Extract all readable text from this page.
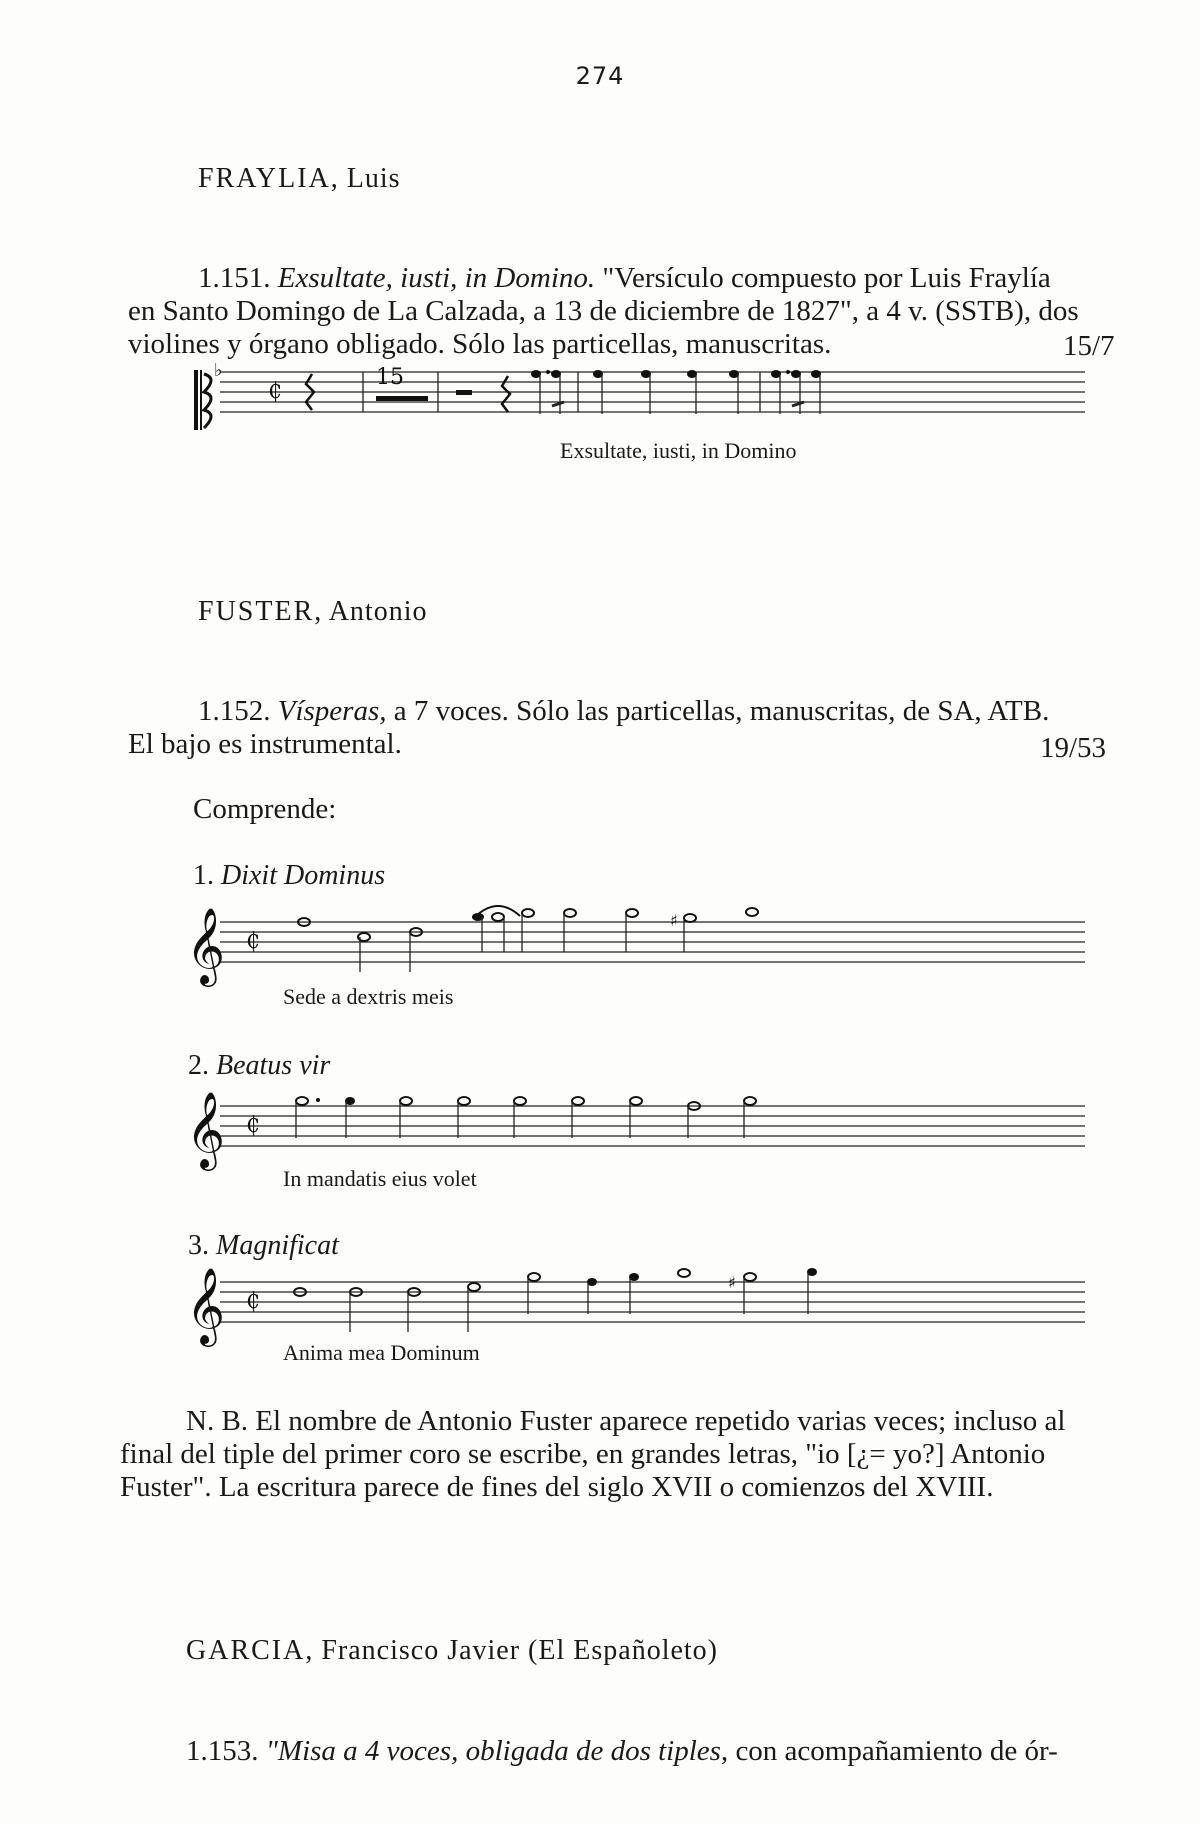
274
FRAYLIA, Luis

1.151. Exsultate, iusti, in Domino. "Versículo compuesto por Luis Fraylía

en Santo Domingo de La Calzada, a 13 de diciembre de 1827", a 4 v. (SSTB), dos

violines y órgano obligado. Sólo las particellas, manuscritas.	15/7
♭
₵
15
Exsultate, iusti, in Domino
FUSTER, Antonio

1.152. Vísperas, a 7 voces. Sólo las particellas, manuscritas, de SA, ATB.

El bajo es instrumental.	19/53

Comprende:

1. Dixit Dominus
𝄞 ₵
♯
Sede a dextris meis
2. Beatus vir
𝄞 ₵
In mandatis eius volet
3. Magnificat
𝄞 ₵
♯
Anima mea Dominum

N. B. El nombre de Antonio Fuster aparece repetido varias veces; incluso al

final del tiple del primer coro se escribe, en grandes letras, "io [¿= yo?] Antonio

Fuster". La escritura parece de fines del siglo XVII o comienzos del XVIII.

GARCIA, Francisco Javier (El Españoleto)

1.153. "Misa a 4 voces, obligada de dos tiples, con acompañamiento de ór-
